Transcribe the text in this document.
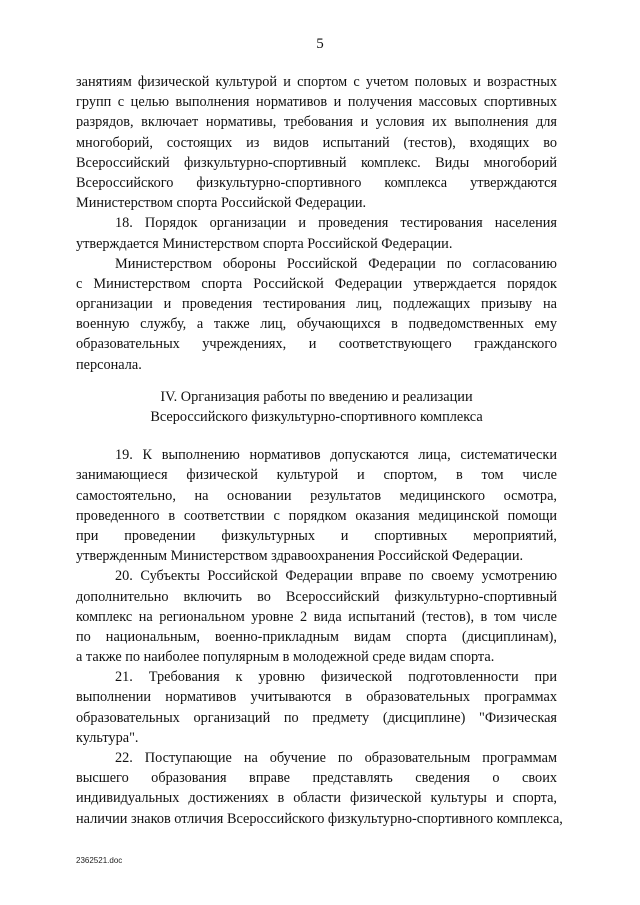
5
занятиям физической культурой и спортом с учетом половых и возрастных
групп с целью выполнения нормативов и получения массовых спортивных
разрядов, включает нормативы, требования и условия их выполнения для
многоборий, состоящих из видов испытаний (тестов), входящих во
Всероссийский физкультурно-спортивный комплекс. Виды многоборий
Всероссийского физкультурно-спортивного комплекса утверждаются
Министерством спорта Российской Федерации.
18. Порядок организации и проведения тестирования населения
утверждается Министерством спорта Российской Федерации.
Министерством обороны Российской Федерации по согласованию
с Министерством спорта Российской Федерации утверждается порядок
организации и проведения тестирования лиц, подлежащих призыву на
военную службу, а также лиц, обучающихся в подведомственных ему
образовательных учреждениях, и соответствующего гражданского
персонала.
IV. Организация работы по введению и реализации
Всероссийского физкультурно-спортивного комплекса
19. К выполнению нормативов допускаются лица, систематически
занимающиеся физической культурой и спортом, в том числе
самостоятельно, на основании результатов медицинского осмотра,
проведенного в соответствии с порядком оказания медицинской помощи
при проведении физкультурных и спортивных мероприятий,
утвержденным Министерством здравоохранения Российской Федерации.
20. Субъекты Российской Федерации вправе по своему усмотрению
дополнительно включить во Всероссийский физкультурно-спортивный
комплекс на региональном уровне 2 вида испытаний (тестов), в том числе
по национальным, военно-прикладным видам спорта (дисциплинам),
а также по наиболее популярным в молодежной среде видам спорта.
21. Требования к уровню физической подготовленности при
выполнении нормативов учитываются в образовательных программах
образовательных организаций по предмету (дисциплине) "Физическая
культура".
22. Поступающие на обучение по образовательным программам
высшего образования вправе представлять сведения о своих
индивидуальных достижениях в области физической культуры и спорта,
наличии знаков отличия Всероссийского физкультурно-спортивного комплекса,
2362521.doc
